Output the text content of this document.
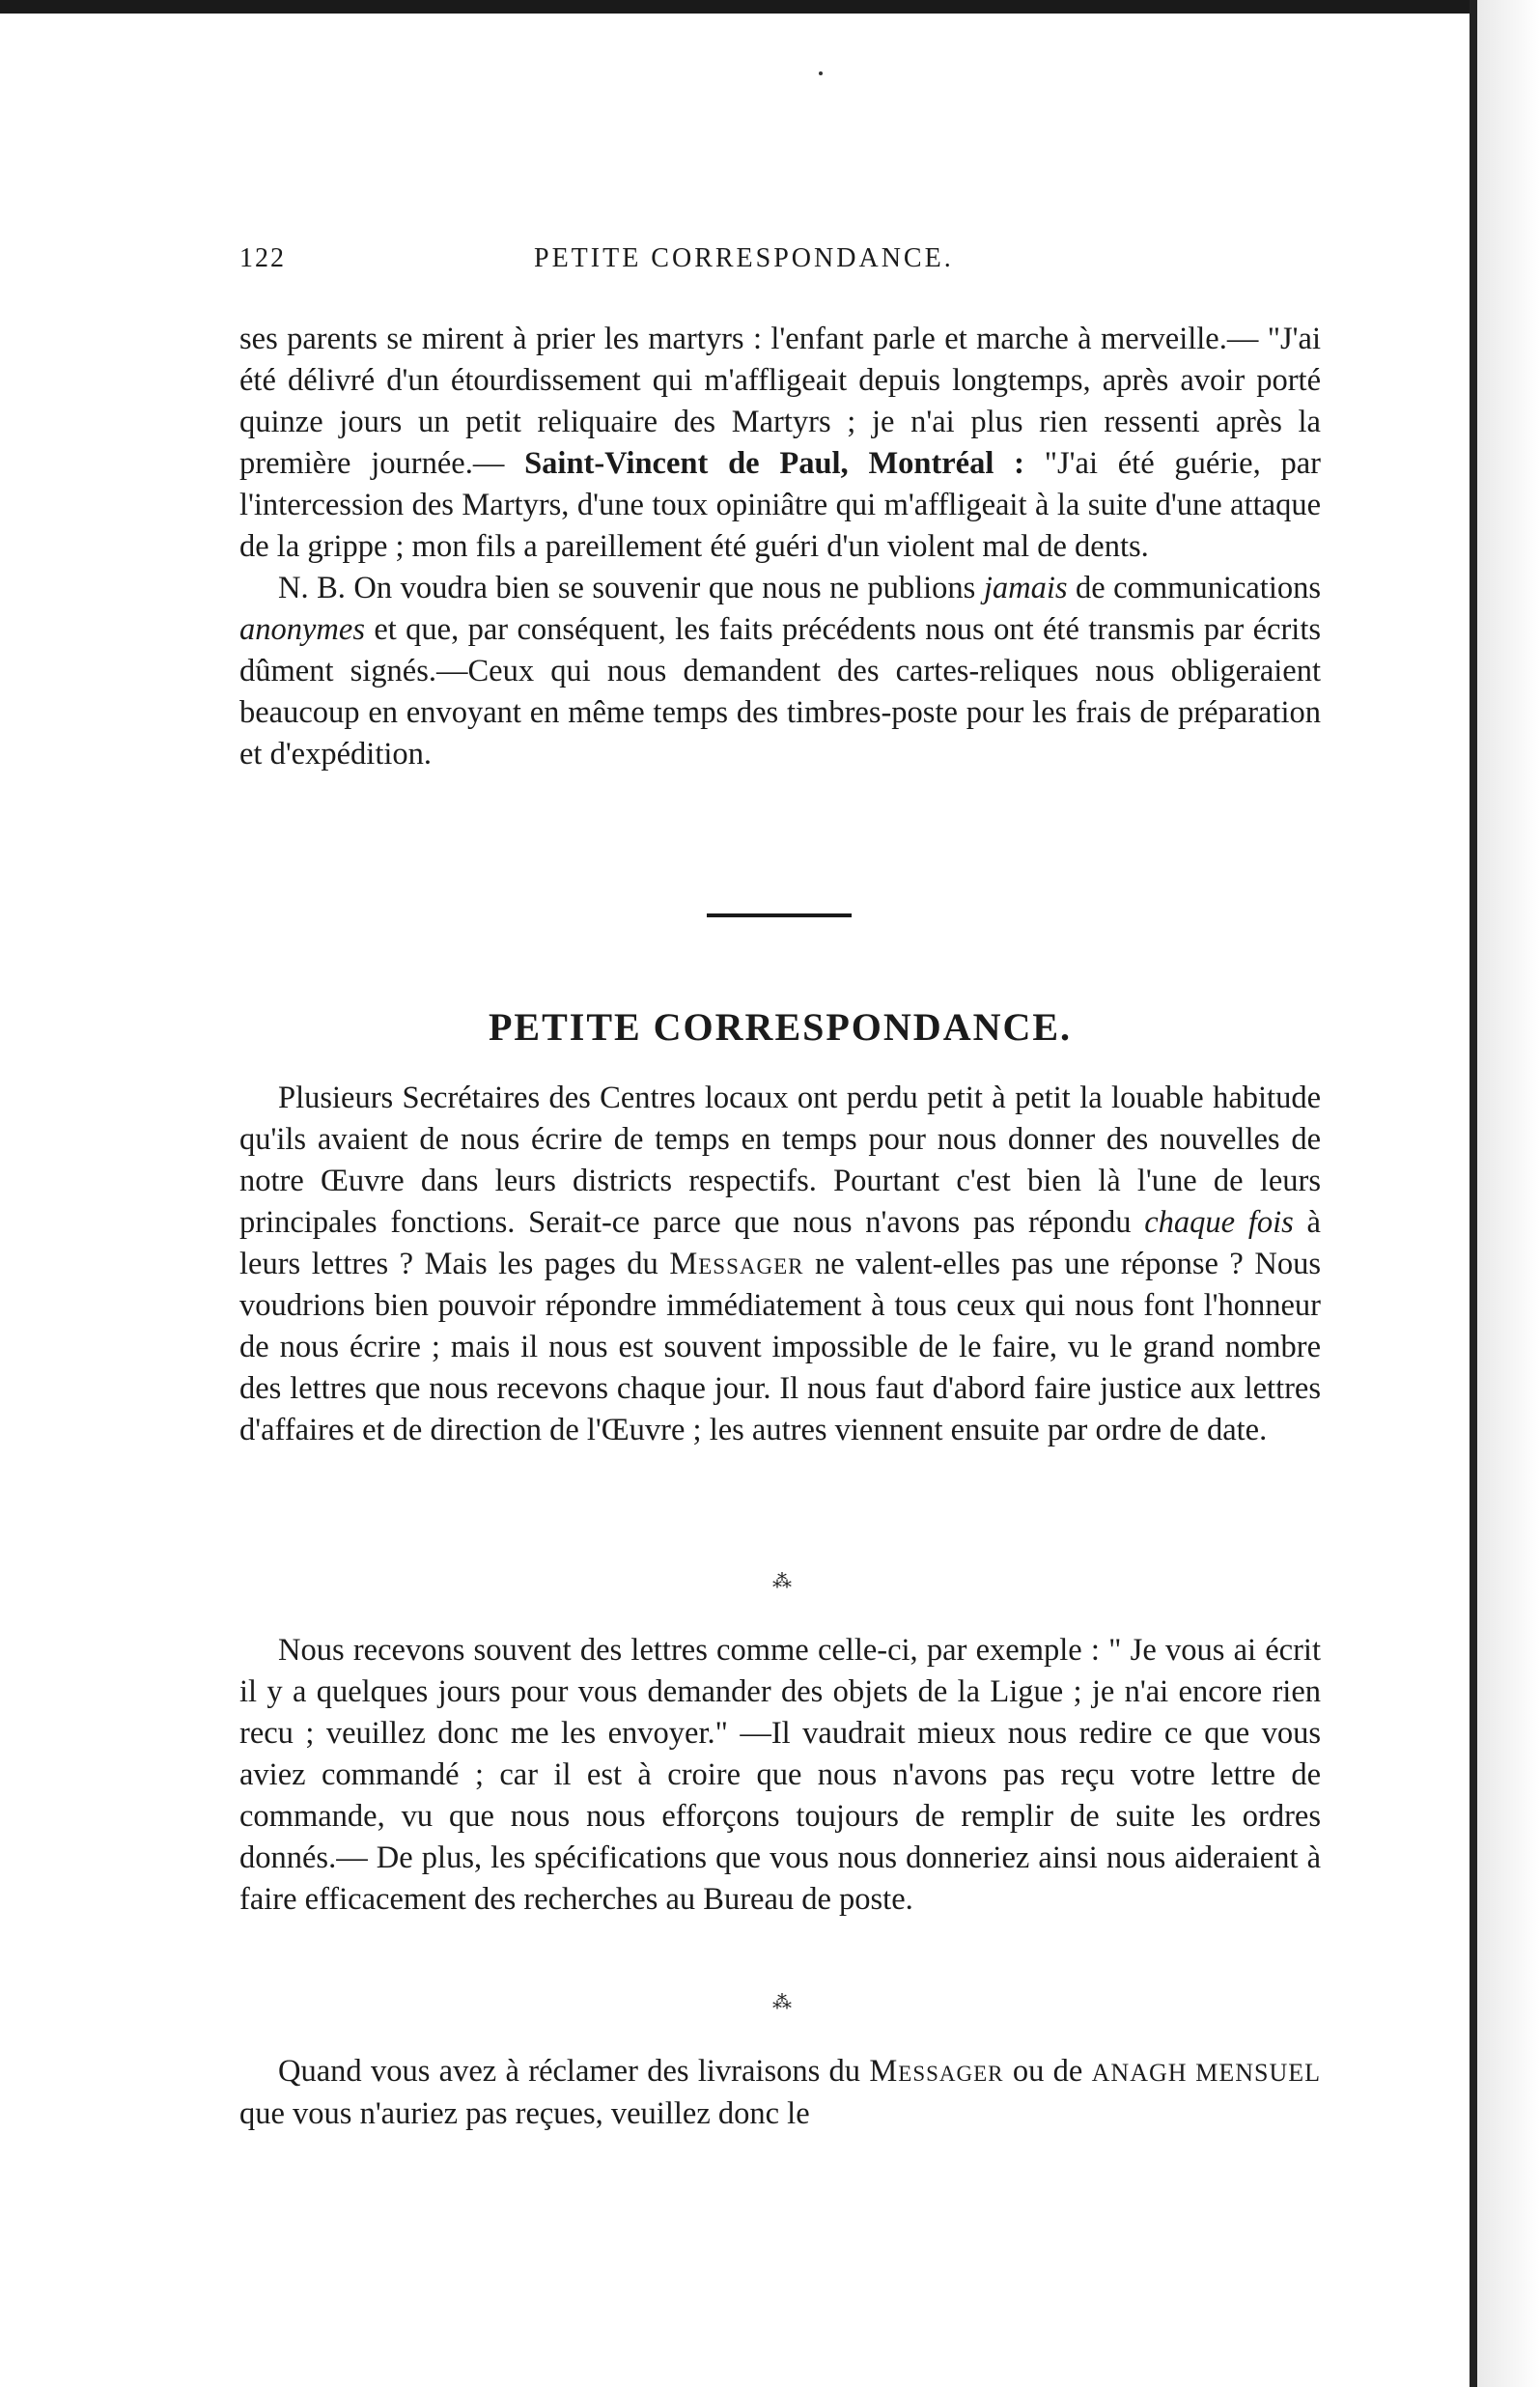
122	PETITE CORRESPONDANCE.

ses parents se mirent à prier les martyrs : l'enfant parle et marche à merveille.— "J'ai été délivré d'un étourdissement qui m'affligeait depuis longtemps, après avoir porté quinze jours un petit reliquaire des Martyrs ; je n'ai plus rien ressenti après la première journée.— Saint-Vincent de Paul, Montréal : "J'ai été guérie, par l'intercession des Martyrs, d'une toux opiniâtre qui m'affligeait à la suite d'une attaque de la grippe ; mon fils a pareillement été guéri d'un violent mal de dents.

N. B. On voudra bien se souvenir que nous ne publions jamais de communications anonymes et que, par conséquent, les faits précédents nous ont été transmis par écrits dûment signés.—Ceux qui nous demandent des cartes-reliques nous obligeraient beaucoup en envoyant en même temps des timbres-poste pour les frais de préparation et d'expédition.

PETITE CORRESPONDANCE.

Plusieurs Secrétaires des Centres locaux ont perdu petit à petit la louable habitude qu'ils avaient de nous écrire de temps en temps pour nous donner des nouvelles de notre Œuvre dans leurs districts respectifs. Pourtant c'est bien là l'une de leurs principales fonctions. Serait-ce parce que nous n'avons pas répondu chaque fois à leurs lettres ? Mais les pages du Messager ne valent-elles pas une réponse ? Nous voudrions bien pouvoir répondre immédiatement à tous ceux qui nous font l'honneur de nous écrire ; mais il nous est souvent impossible de le faire, vu le grand nombre des lettres que nous recevons chaque jour. Il nous faut d'abord faire justice aux lettres d'affaires et de direction de l'Œuvre ; les autres viennent ensuite par ordre de date.

⁂

Nous recevons souvent des lettres comme celle-ci, par exemple : " Je vous ai écrit il y a quelques jours pour vous demander des objets de la Ligue ; je n'ai encore rien recu ; veuillez donc me les envoyer." —Il vaudrait mieux nous redire ce que vous aviez commandé ; car il est à croire que nous n'avons pas reçu votre lettre de commande, vu que nous nous efforçons toujours de remplir de suite les ordres donnés.— De plus, les spécifications que vous nous donneriez ainsi nous aideraient à faire efficacement des recherches au Bureau de poste.

⁂

Quand vous avez à réclamer des livraisons du Messager ou de ANAGH MENSUEL que vous n'auriez pas reçues, veuillez donc le
